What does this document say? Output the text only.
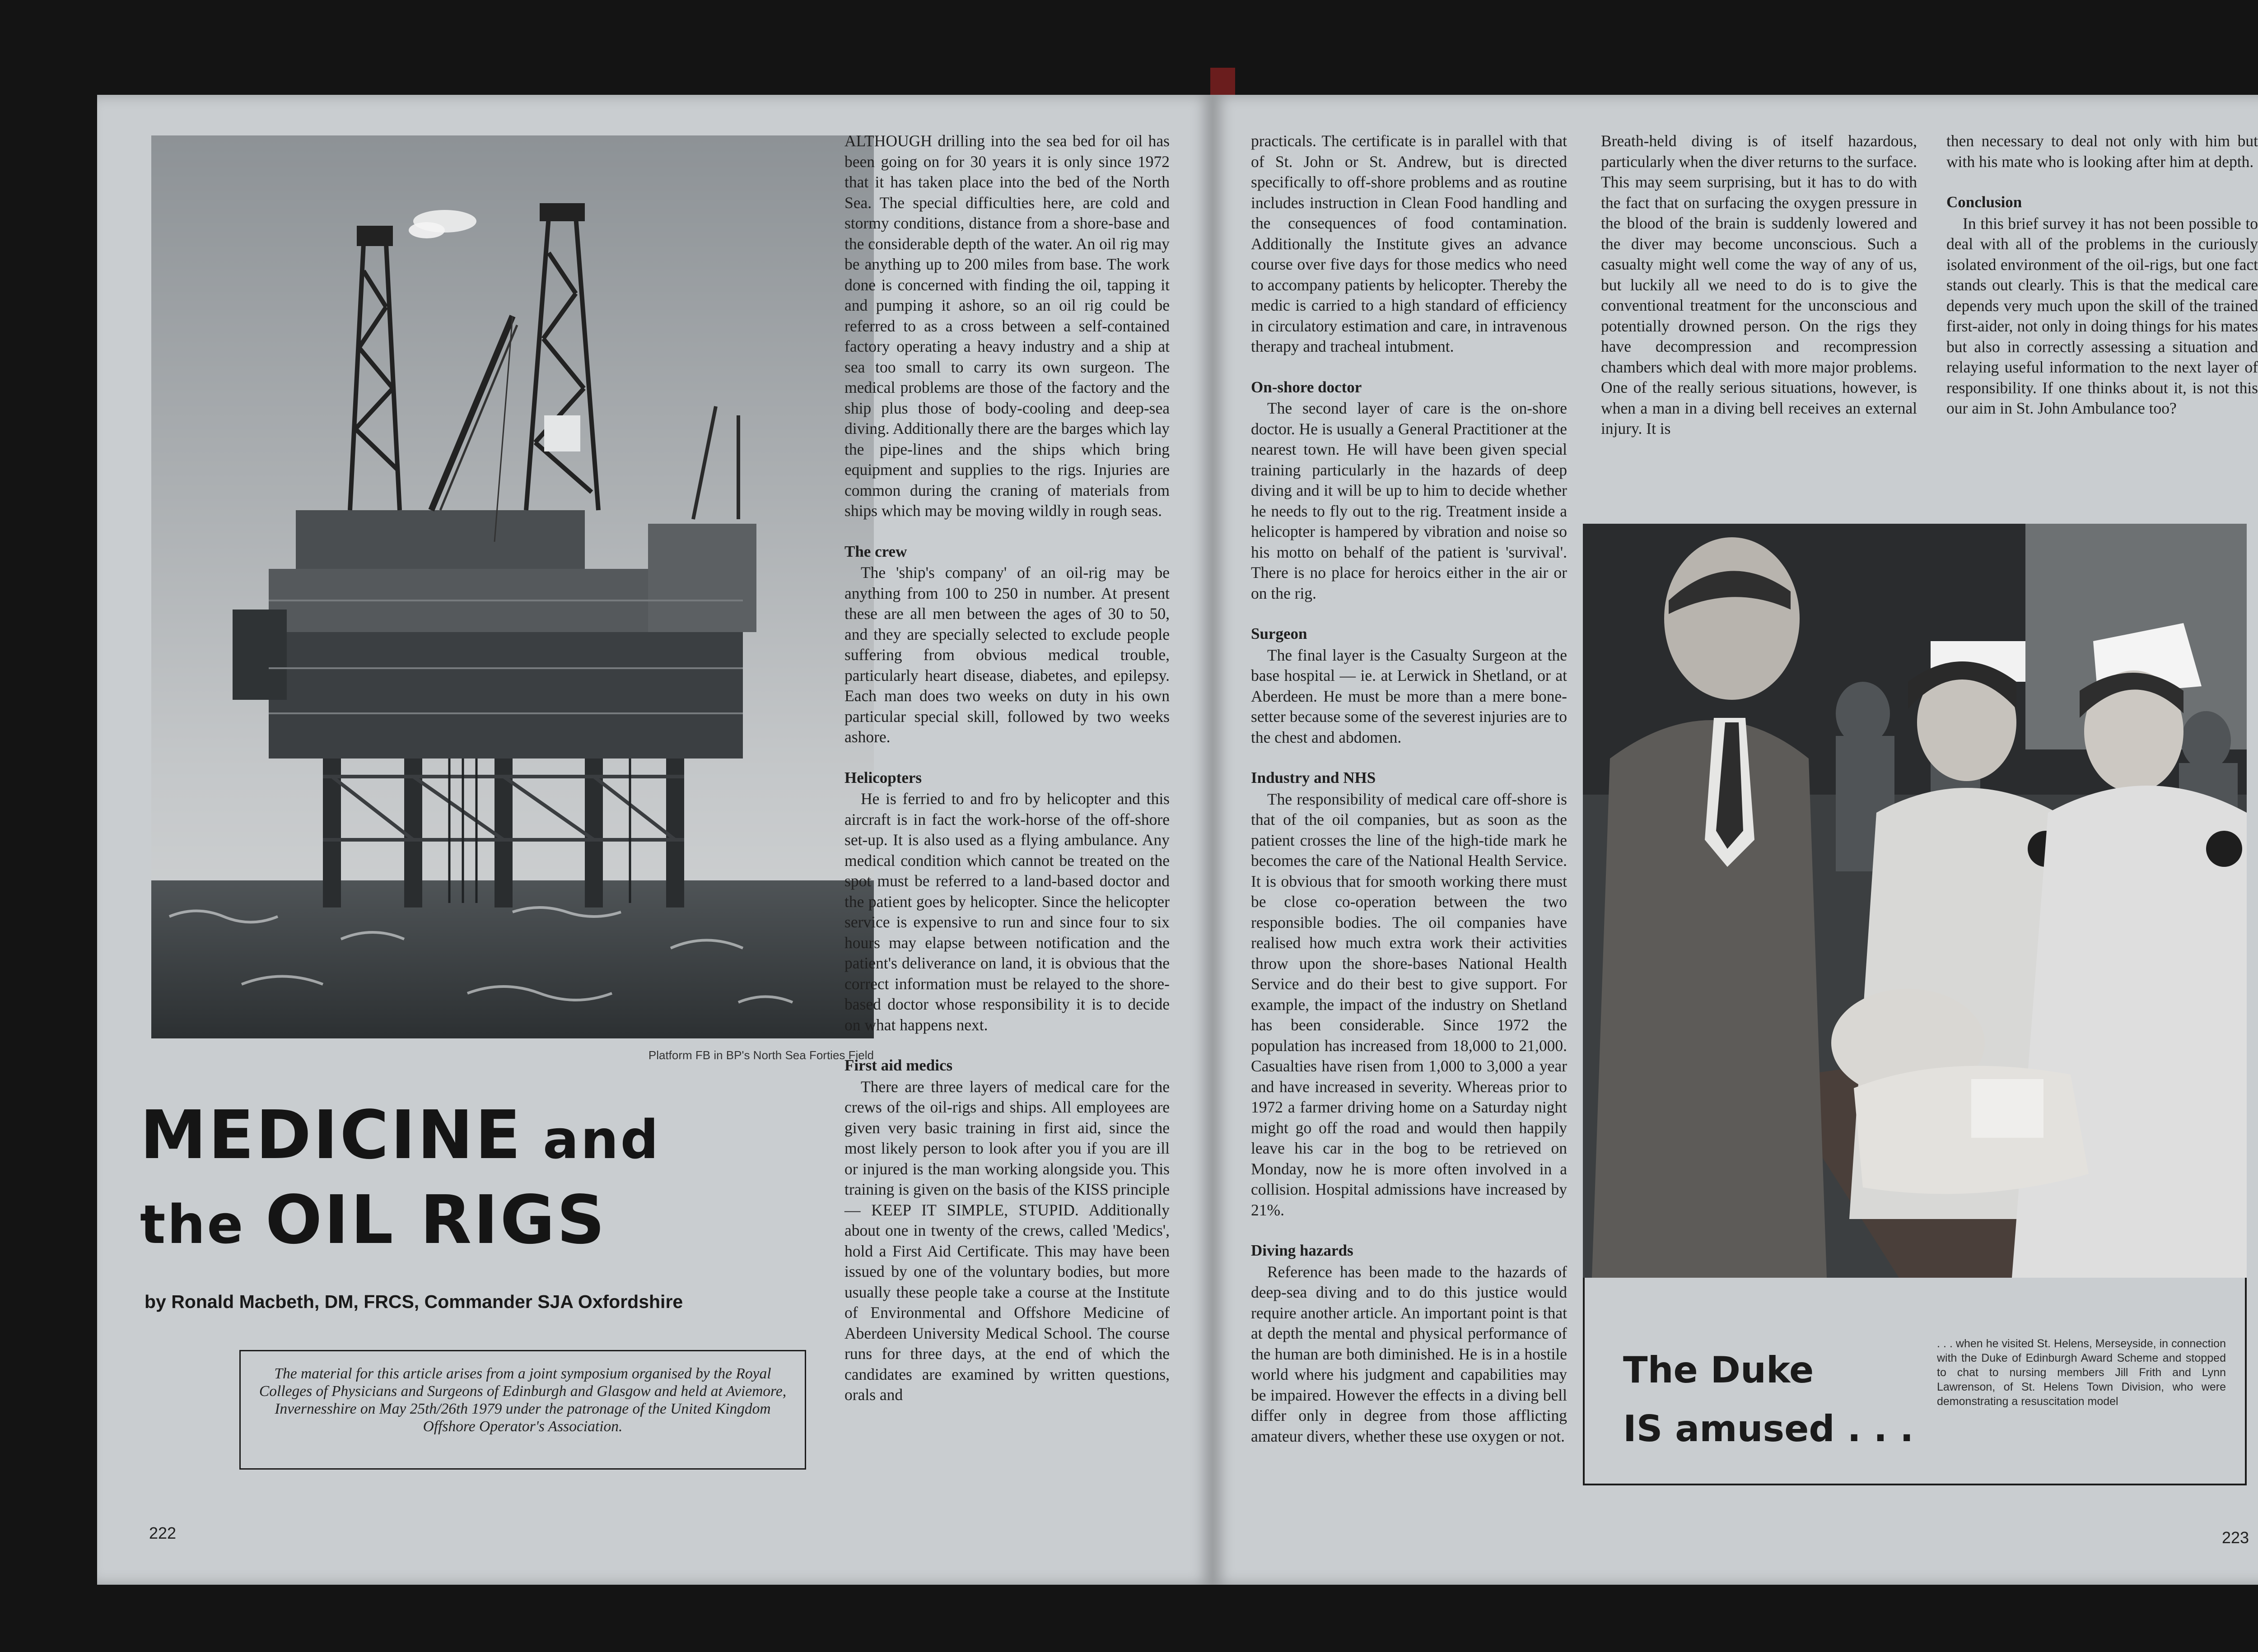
Platform FB in BP's North Sea Forties Field
MEDICINE and
the OIL RIGS
by Ronald Macbeth, DM, FRCS, Commander SJA Oxfordshire
The material for this article arises from a joint symposium organised by the Royal Colleges of Physicians and Surgeons of Edinburgh and Glasgow and held at Aviemore, Invernesshire on May 25th/26th 1979 under the patronage of the United Kingdom Offshore Operator's Association.
222

ALTHOUGH drilling into the sea bed for oil has been going on for 30 years it is only since 1972 that it has taken place into the bed of the North Sea. The special difficulties here, are cold and stormy conditions, distance from a shore-base and the considerable depth of the water. An oil rig may be anything up to 200 miles from base. The work done is concerned with finding the oil, tapping it and pumping it ashore, so an oil rig could be referred to as a cross between a self-contained factory operating a heavy industry and a ship at sea too small to carry its own surgeon. The medical problems are those of the factory and the ship plus those of body-cooling and deep-sea diving. Additionally there are the barges which lay the pipe-lines and the ships which bring equipment and supplies to the rigs. Injuries are common during the craning of materials from ships which may be moving wildly in rough seas.

The crew

The 'ship's company' of an oil-rig may be anything from 100 to 250 in number. At present these are all men between the ages of 30 to 50, and they are specially selected to exclude people suffering from obvious medical trouble, particularly heart disease, diabetes, and epilepsy. Each man does two weeks on duty in his own particular special skill, followed by two weeks ashore.

Helicopters

He is ferried to and fro by helicopter and this aircraft is in fact the work-horse of the off-shore set-up. It is also used as a flying ambulance. Any medical condition which cannot be treated on the spot must be referred to a land-based doctor and the patient goes by helicopter. Since the helicopter service is expensive to run and since four to six hours may elapse between notification and the patient's deliverance on land, it is obvious that the correct information must be relayed to the shore-based doctor whose responsibility it is to decide on what happens next.

First aid medics

There are three layers of medical care for the crews of the oil-rigs and ships. All employees are given very basic training in first aid, since the most likely person to look after you if you are ill or injured is the man working alongside you. This training is given on the basis of the KISS principle — KEEP IT SIMPLE, STUPID. Additionally about one in twenty of the crews, called 'Medics', hold a First Aid Certificate. This may have been issued by one of the voluntary bodies, but more usually these people take a course at the Institute of Environmental and Offshore Medicine of Aberdeen University Medical School. The course runs for three days, at the end of which the candidates are examined by written questions, orals and

practicals. The certificate is in parallel with that of St. John or St. Andrew, but is directed specifically to off-shore problems and as routine includes instruction in Clean Food handling and the consequences of food contamination. Additionally the Institute gives an advance course over five days for those medics who need to accompany patients by helicopter. Thereby the medic is carried to a high standard of efficiency in circulatory estimation and care, in intravenous therapy and tracheal intubment.

On-shore doctor

The second layer of care is the on-shore doctor. He is usually a General Practitioner at the nearest town. He will have been given special training particularly in the hazards of deep diving and it will be up to him to decide whether he needs to fly out to the rig. Treatment inside a helicopter is hampered by vibration and noise so his motto on behalf of the patient is 'survival'. There is no place for heroics either in the air or on the rig.

Surgeon

The final layer is the Casualty Surgeon at the base hospital — ie. at Lerwick in Shetland, or at Aberdeen. He must be more than a mere bone-setter because some of the severest injuries are to the chest and abdomen.

Industry and NHS

The responsibility of medical care off-shore is that of the oil companies, but as soon as the patient crosses the line of the high-tide mark he becomes the care of the National Health Service. It is obvious that for smooth working there must be close co-operation between the two responsible bodies. The oil companies have realised how much extra work their activities throw upon the shore-bases National Health Service and do their best to give support. For example, the impact of the industry on Shetland has been considerable. Since 1972 the population has increased from 18,000 to 21,000. Casualties have risen from 1,000 to 3,000 a year and have increased in severity. Whereas prior to 1972 a farmer driving home on a Saturday night might go off the road and would then happily leave his car in the bog to be retrieved on Monday, now he is more often involved in a collision. Hospital admissions have increased by 21%.

Diving hazards

Reference has been made to the hazards of deep-sea diving and to do this justice would require another article. An important point is that at depth the mental and physical performance of the human are both diminished. He is in a hostile world where his judgment and capabilities may be impaired. However the effects in a diving bell differ only in degree from those afflicting amateur divers, whether these use oxygen or not.

Breath-held diving is of itself hazardous, particularly when the diver returns to the surface. This may seem surprising, but it has to do with the fact that on surfacing the oxygen pressure in the blood of the brain is suddenly lowered and the diver may become unconscious. Such a casualty might well come the way of any of us, but luckily all we need to do is to give the conventional treatment for the unconscious and potentially drowned person. On the rigs they have decompression and recompression chambers which deal with more major problems. One of the really serious situations, however, is when a man in a diving bell receives an external injury. It is

then necessary to deal not only with him but with his mate who is looking after him at depth.

Conclusion

In this brief survey it has not been possible to deal with all of the problems in the curiously isolated environment of the oil-rigs, but one fact stands out clearly. This is that the medical care depends very much upon the skill of the trained first-aider, not only in doing things for his mates but also in correctly assessing a situation and relaying useful information to the next layer of responsibility. If one thinks about it, is not this our aim in St. John Ambulance too?

The Duke
IS amused . . .
. . . when he visited St. Helens, Merseyside, in connection with the Duke of Edinburgh Award Scheme and stopped to chat to nursing members Jill Frith and Lynn Lawrenson, of St. Helens Town Division, who were demonstrating a resuscitation model
223
